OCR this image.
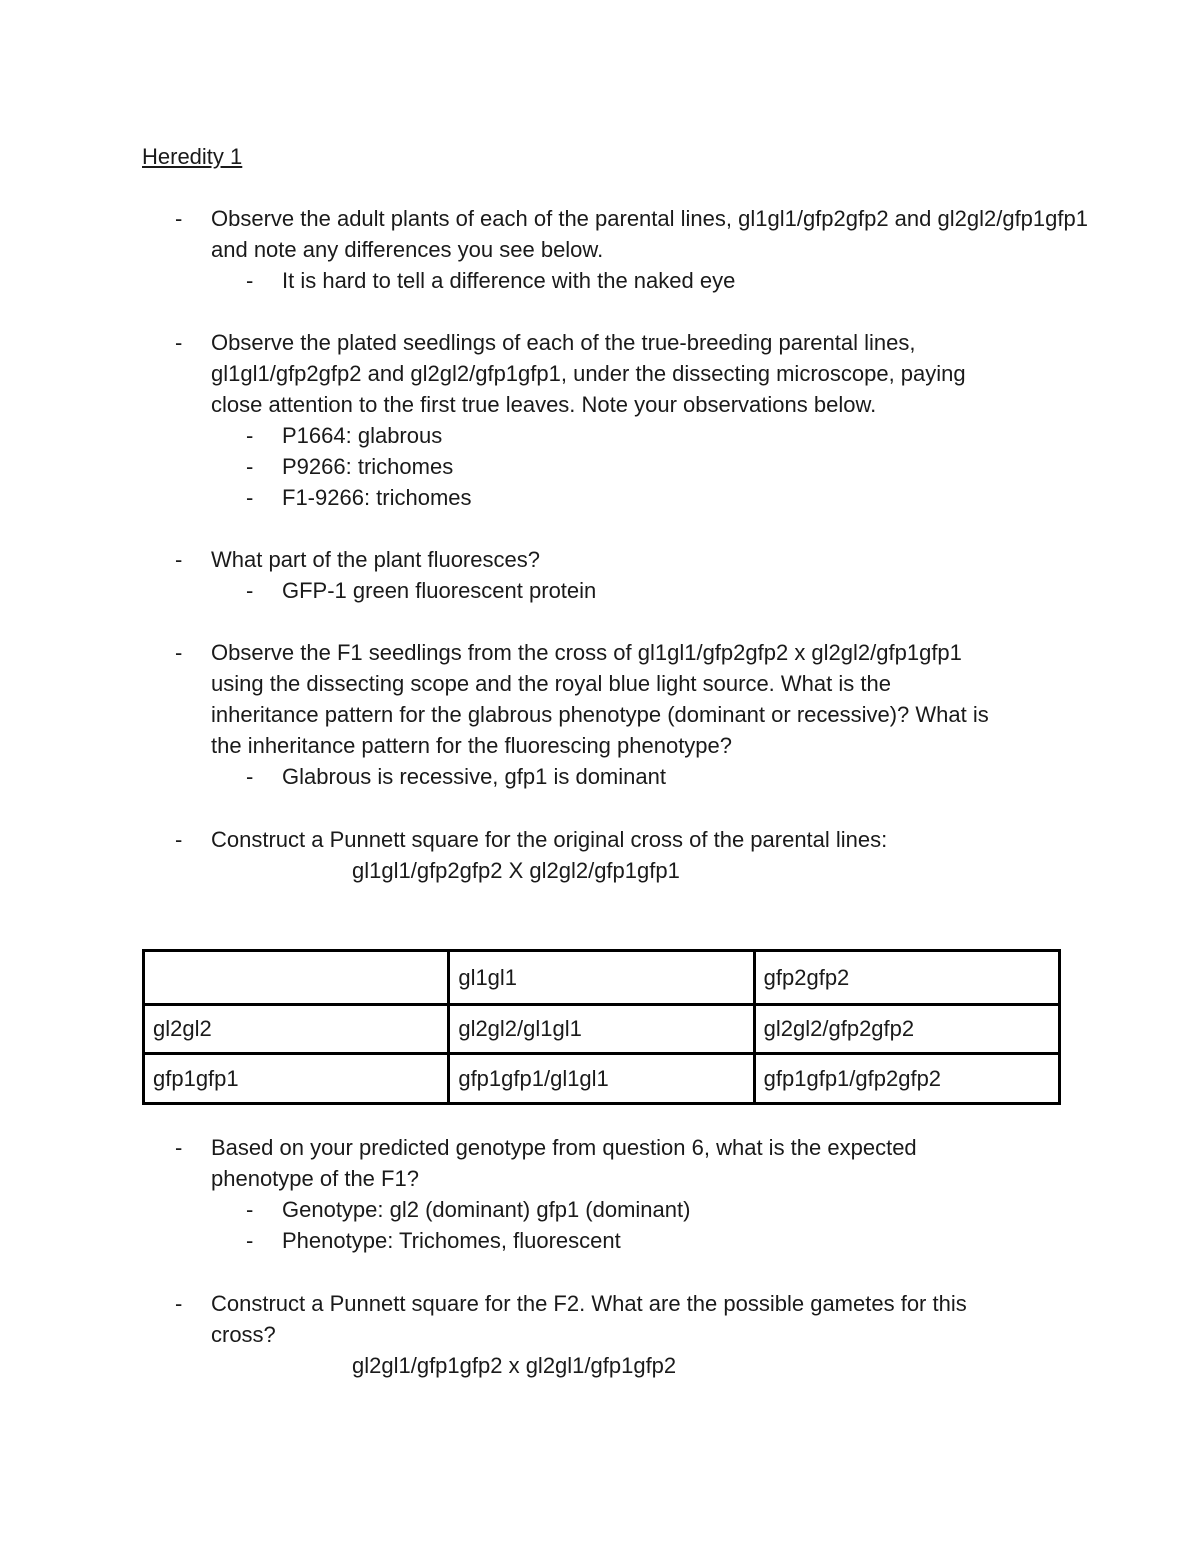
Heredity 1
- Observe the adult plants of each of the parental lines, gl1gl1/gfp2gfp2 and gl2gl2/gfp1gfp1
and note any differences you see below.
- It is hard to tell a difference with the naked eye
- Observe the plated seedlings of each of the true-breeding parental lines,
gl1gl1/gfp2gfp2 and gl2gl2/gfp1gfp1, under the dissecting microscope, paying
close attention to the first true leaves. Note your observations below.
- P1664: glabrous
- P9266: trichomes
- F1-9266: trichomes
- What part of the plant fluoresces?
- GFP-1 green fluorescent protein
- Observe the F1 seedlings from the cross of gl1gl1/gfp2gfp2 x gl2gl2/gfp1gfp1
using the dissecting scope and the royal blue light source. What is the
inheritance pattern for the glabrous phenotype (dominant or recessive)? What is
the inheritance pattern for the fluorescing phenotype?
- Glabrous is recessive, gfp1 is dominant
- Construct a Punnett square for the original cross of the parental lines:
gl1gl1/gfp2gfp2 X gl2gl2/gfp1gfp1
	gl1gl1	gfp2gfp2
gl2gl2	gl2gl2/gl1gl1	gl2gl2/gfp2gfp2
gfp1gfp1	gfp1gfp1/gl1gl1	gfp1gfp1/gfp2gfp2
- Based on your predicted genotype from question 6, what is the expected
phenotype of the F1?
- Genotype: gl2 (dominant) gfp1 (dominant)
- Phenotype: Trichomes, fluorescent
- Construct a Punnett square for the F2. What are the possible gametes for this
cross?
gl2gl1/gfp1gfp2 x gl2gl1/gfp1gfp2
